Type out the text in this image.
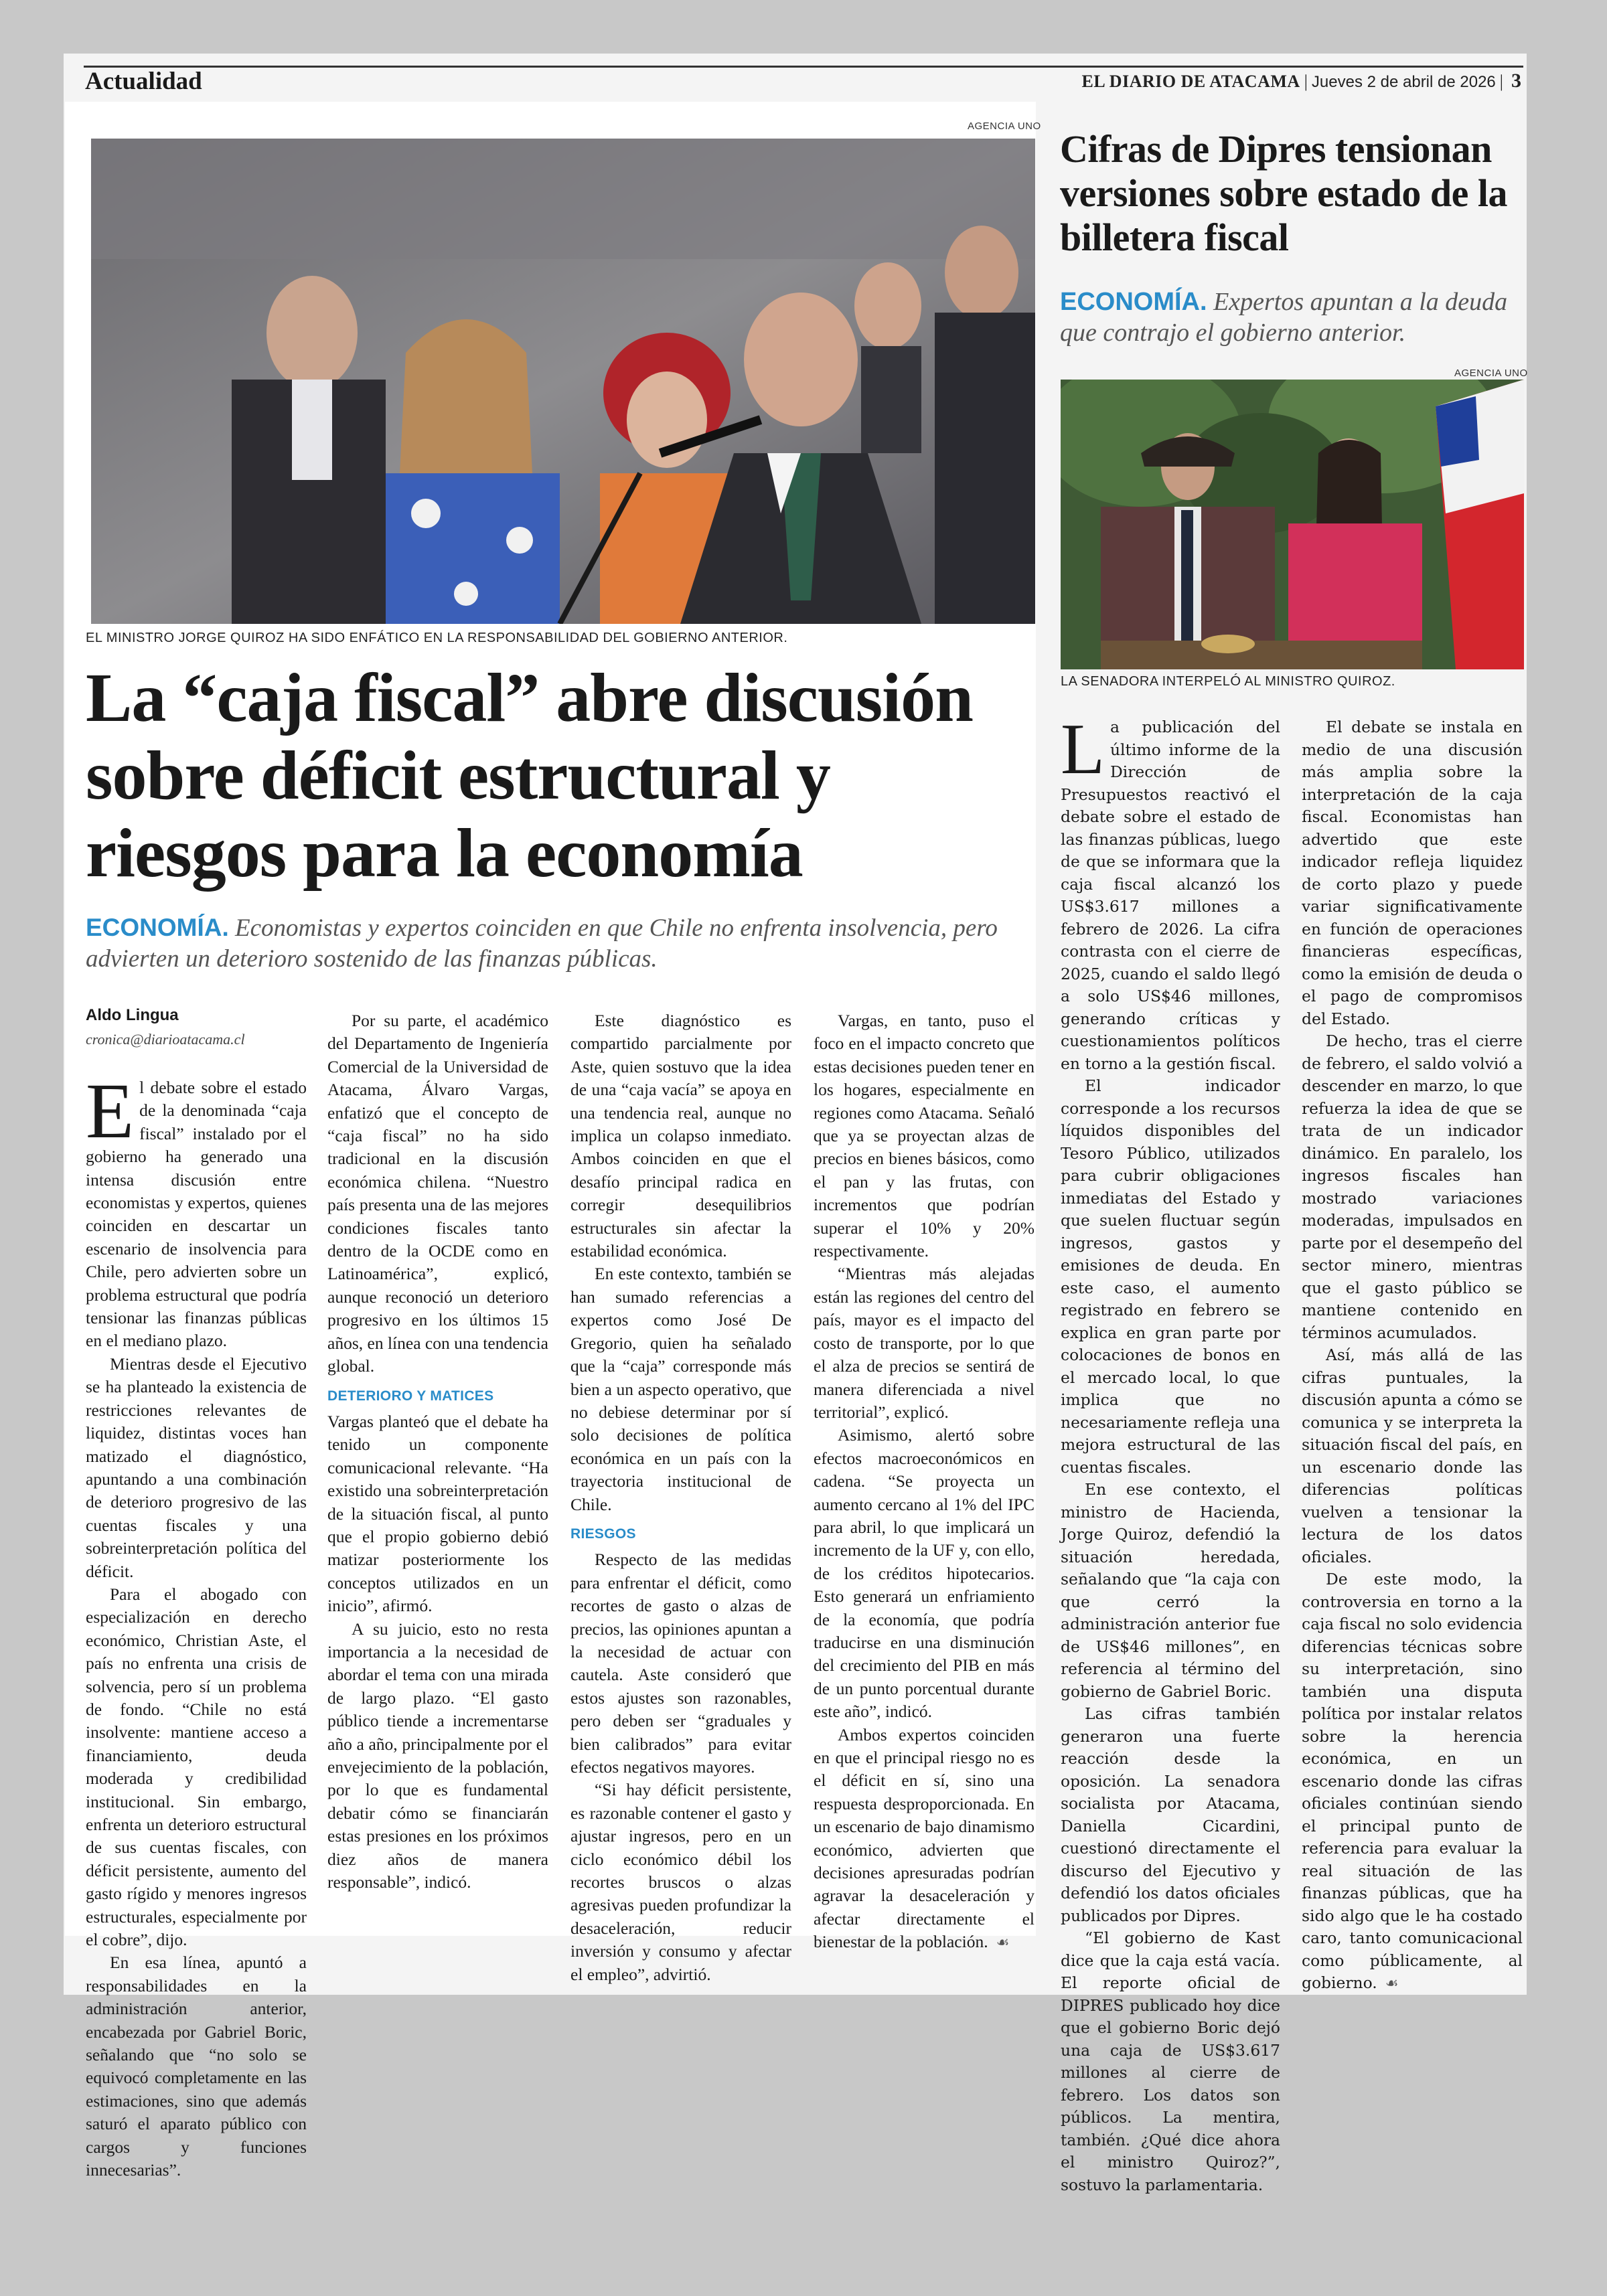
Actualidad	EL DIARIO DE ATACAMA | Jueves 2 de abril de 2026 | 3
AGENCIA UNO
EL MINISTRO JORGE QUIROZ HA SIDO ENFÁTICO EN LA RESPONSABILIDAD DEL GOBIERNO ANTERIOR.
La “caja fiscal” abre discusión sobre déficit estructural y riesgos para la economía

ECONOMÍA. Economistas y expertos coinciden en que Chile no enfrenta insolvencia, pero advierten un deterioro sostenido de las finanzas públicas.

Aldo Lingua
cronica@diarioatacama.cl

El debate sobre el estado de la denominada “caja fiscal” instalado por el gobierno ha generado una intensa discusión entre economistas y expertos, quienes coinciden en descartar un escenario de insolvencia para Chile, pero advierten sobre un problema estructural que podría tensionar las finanzas públicas en el mediano plazo.

Mientras desde el Ejecutivo se ha planteado la existencia de restricciones relevantes de liquidez, distintas voces han matizado el diagnóstico, apuntando a una combinación de deterioro progresivo de las cuentas fiscales y una sobreinterpretación política del déficit.

Para el abogado con especialización en derecho económico, Christian Aste, el país no enfrenta una crisis de solvencia, pero sí un problema de fondo. “Chile no está insolvente: mantiene acceso a financiamiento, deuda moderada y credibilidad institucional. Sin embargo, enfrenta un deterioro estructural de sus cuentas fiscales, con déficit persistente, aumento del gasto rígido y menores ingresos estructurales, especialmente por el cobre”, dijo.

En esa línea, apuntó a responsabilidades en la administración anterior, encabezada por Gabriel Boric, señalando que “no solo se equivocó completamente en las estimaciones, sino que además saturó el aparato público con cargos y funciones innecesarias”.

Por su parte, el académico del Departamento de Ingeniería Comercial de la Universidad de Atacama, Álvaro Vargas, enfatizó que el concepto de “caja fiscal” no ha sido tradicional en la discusión económica chilena. “Nuestro país presenta una de las mejores condiciones fiscales tanto dentro de la OCDE como en Latinoamérica”, explicó, aunque reconoció un deterioro progresivo en los últimos 15 años, en línea con una tendencia global.

DETERIORO Y MATICES

Vargas planteó que el debate ha tenido un componente comunicacional relevante. “Ha existido una sobreinterpretación de la situación fiscal, al punto que el propio gobierno debió matizar posteriormente los conceptos utilizados en un inicio”, afirmó.

A su juicio, esto no resta importancia a la necesidad de abordar el tema con una mirada de largo plazo. “El gasto público tiende a incrementarse año a año, principalmente por el envejecimiento de la población, por lo que es fundamental debatir cómo se financiarán estas presiones en los próximos diez años de manera responsable”, indicó.

Este diagnóstico es compartido parcialmente por Aste, quien sostuvo que la idea de una “caja vacía” se apoya en una tendencia real, aunque no implica un colapso inmediato. Ambos coinciden en que el desafío principal radica en corregir desequilibrios estructurales sin afectar la estabilidad económica.

En este contexto, también se han sumado referencias a expertos como José De Gregorio, quien ha señalado que la “caja” corresponde más bien a un aspecto operativo, que no debiese determinar por sí solo decisiones de política económica en un país con la trayectoria institucional de Chile.

RIESGOS

Respecto de las medidas para enfrentar el déficit, como recortes de gasto o alzas de precios, las opiniones apuntan a la necesidad de actuar con cautela. Aste consideró que estos ajustes son razonables, pero deben ser “graduales y bien calibrados” para evitar efectos negativos mayores.

“Si hay déficit persistente, es razonable contener el gasto y ajustar ingresos, pero en un ciclo económico débil los recortes bruscos o alzas agresivas pueden profundizar la desaceleración, reducir inversión y consumo y afectar el empleo”, advirtió.

Vargas, en tanto, puso el foco en el impacto concreto que estas decisiones pueden tener en los hogares, especialmente en regiones como Atacama. Señaló que ya se proyectan alzas de precios en bienes básicos, como el pan y las frutas, con incrementos que podrían superar el 10% y 20% respectivamente.

“Mientras más alejadas están las regiones del centro del país, mayor es el impacto del costo de transporte, por lo que el alza de precios se sentirá de manera diferenciada a nivel territorial”, explicó.

Asimismo, alertó sobre efectos macroeconómicos en cadena. “Se proyecta un aumento cercano al 1% del IPC para abril, lo que implicará un incremento de la UF y, con ello, de los créditos hipotecarios. Esto generará un enfriamiento de la economía, que podría traducirse en una disminución del crecimiento del PIB en más de un punto porcentual durante este año”, indicó.

Ambos expertos coinciden en que el principal riesgo no es el déficit en sí, sino una respuesta desproporcionada. En un escenario de bajo dinamismo económico, advierten que decisiones apresuradas podrían agravar la desaceleración y afectar directamente el bienestar de la población. ☙

Cifras de Dipres tensionan versiones sobre estado de la billetera fiscal

ECONOMÍA. Expertos apuntan a la deuda que contrajo el gobierno anterior.

AGENCIA UNO
LA SENADORA INTERPELÓ AL MINISTRO QUIROZ.

La publicación del último informe de la Dirección de Presupuestos reactivó el debate sobre el estado de las finanzas públicas, luego de que se informara que la caja fiscal alcanzó los US$3.617 millones a febrero de 2026. La cifra contrasta con el cierre de 2025, cuando el saldo llegó a solo US$46 millones, generando críticas y cuestionamientos políticos en torno a la gestión fiscal.

El indicador corresponde a los recursos líquidos disponibles del Tesoro Público, utilizados para cubrir obligaciones inmediatas del Estado y que suelen fluctuar según ingresos, gastos y emisiones de deuda. En este caso, el aumento registrado en febrero se explica en gran parte por colocaciones de bonos en el mercado local, lo que implica que no necesariamente refleja una mejora estructural de las cuentas fiscales.

En ese contexto, el ministro de Hacienda, Jorge Quiroz, defendió la situación heredada, señalando que “la caja con que cerró la administración anterior fue de US$46 millones”, en referencia al término del gobierno de Gabriel Boric.

Las cifras también generaron una fuerte reacción desde la oposición. La senadora socialista por Atacama, Daniella Cicardini, cuestionó directamente el discurso del Ejecutivo y defendió los datos oficiales publicados por Dipres.

“El gobierno de Kast dice que la caja está vacía. El reporte oficial de DIPRES publicado hoy dice que el gobierno Boric dejó una caja de US$3.617 millones al cierre de febrero. Los datos son públicos. La mentira, también. ¿Qué dice ahora el ministro Quiroz?”, sostuvo la parlamentaria.

El debate se instala en medio de una discusión más amplia sobre la interpretación de la caja fiscal. Economistas han advertido que este indicador refleja liquidez de corto plazo y puede variar significativamente en función de operaciones financieras específicas, como la emisión de deuda o el pago de compromisos del Estado.

De hecho, tras el cierre de febrero, el saldo volvió a descender en marzo, lo que refuerza la idea de que se trata de un indicador dinámico. En paralelo, los ingresos fiscales han mostrado variaciones moderadas, impulsados en parte por el desempeño del sector minero, mientras que el gasto público se mantiene contenido en términos acumulados.

Así, más allá de las cifras puntuales, la discusión apunta a cómo se comunica y se interpreta la situación fiscal del país, en un escenario donde las diferencias políticas vuelven a tensionar la lectura de los datos oficiales.

De este modo, la controversia en torno a la caja fiscal no solo evidencia diferencias técnicas sobre su interpretación, sino también una disputa política por instalar relatos sobre la herencia económica, en un escenario donde las cifras oficiales continúan siendo el principal punto de referencia para evaluar la real situación de las finanzas públicas, que ha sido algo que le ha costado caro, tanto comunicacional como públicamente, al gobierno. ☙
